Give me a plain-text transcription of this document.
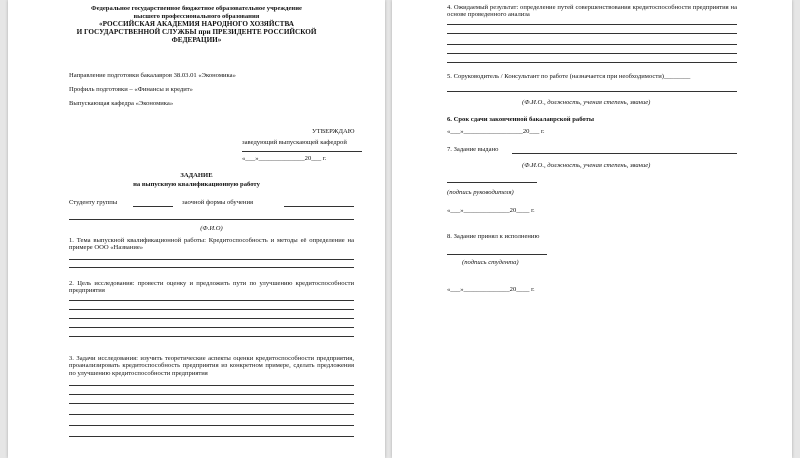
Федеральное государственное бюджетное образовательное учреждение
высшего профессионального образования
«РОССИЙСКАЯ АКАДЕМИЯ НАРОДНОГО ХОЗЯЙСТВА
И ГОСУДАРСТВЕННОЙ СЛУЖБЫ при ПРЕЗИДЕНТЕ РОССИЙСКОЙ
ФЕДЕРАЦИИ»
Направление подготовки бакалавров 38.03.01 «Экономика»
Профиль подготовки – «Финансы и кредит»
Выпускающая кафедра «Экономика»
УТВЕРЖДАЮ
заведующий выпускающей кафедрой
«___»______________20___ г.
ЗАДАНИЕ
на выпускную квалификационную работу
Студенту группы	заочной формы обучения
(Ф.И.О)
1. Тема выпускной квалификационной работы: Кредитоспособность и методы её определение на примере ООО «Название»
2. Цель исследования: провести оценку и предложить пути по улучшению кредитоспособности предприятия
3. Задачи исследования: изучить теоретические аспекты оценки кредитоспособности предприятия, проанализировать кредитоспособность предприятия из конкретном примере, сделать предложения по улучшению кредитоспособности предприятия
4. Ожидаемый результат: определение путей совершенствования кредитоспособности предприятия на основе проведенного анализа
5. Соруководитель / Консультант по работе (назначается при необходимости)________
(Ф.И.О., должность, ученая степень, звание)
6. Срок сдачи законченной бакалаврской работы
«___»__________________20___ г.
7. Задание выдано
(Ф.И.О., должность, ученая степень, звание)
(подпись руководителя)
«___»______________20____ г.
8. Задание принял к исполнению
(подпись студента)
«___»______________20____ г.
